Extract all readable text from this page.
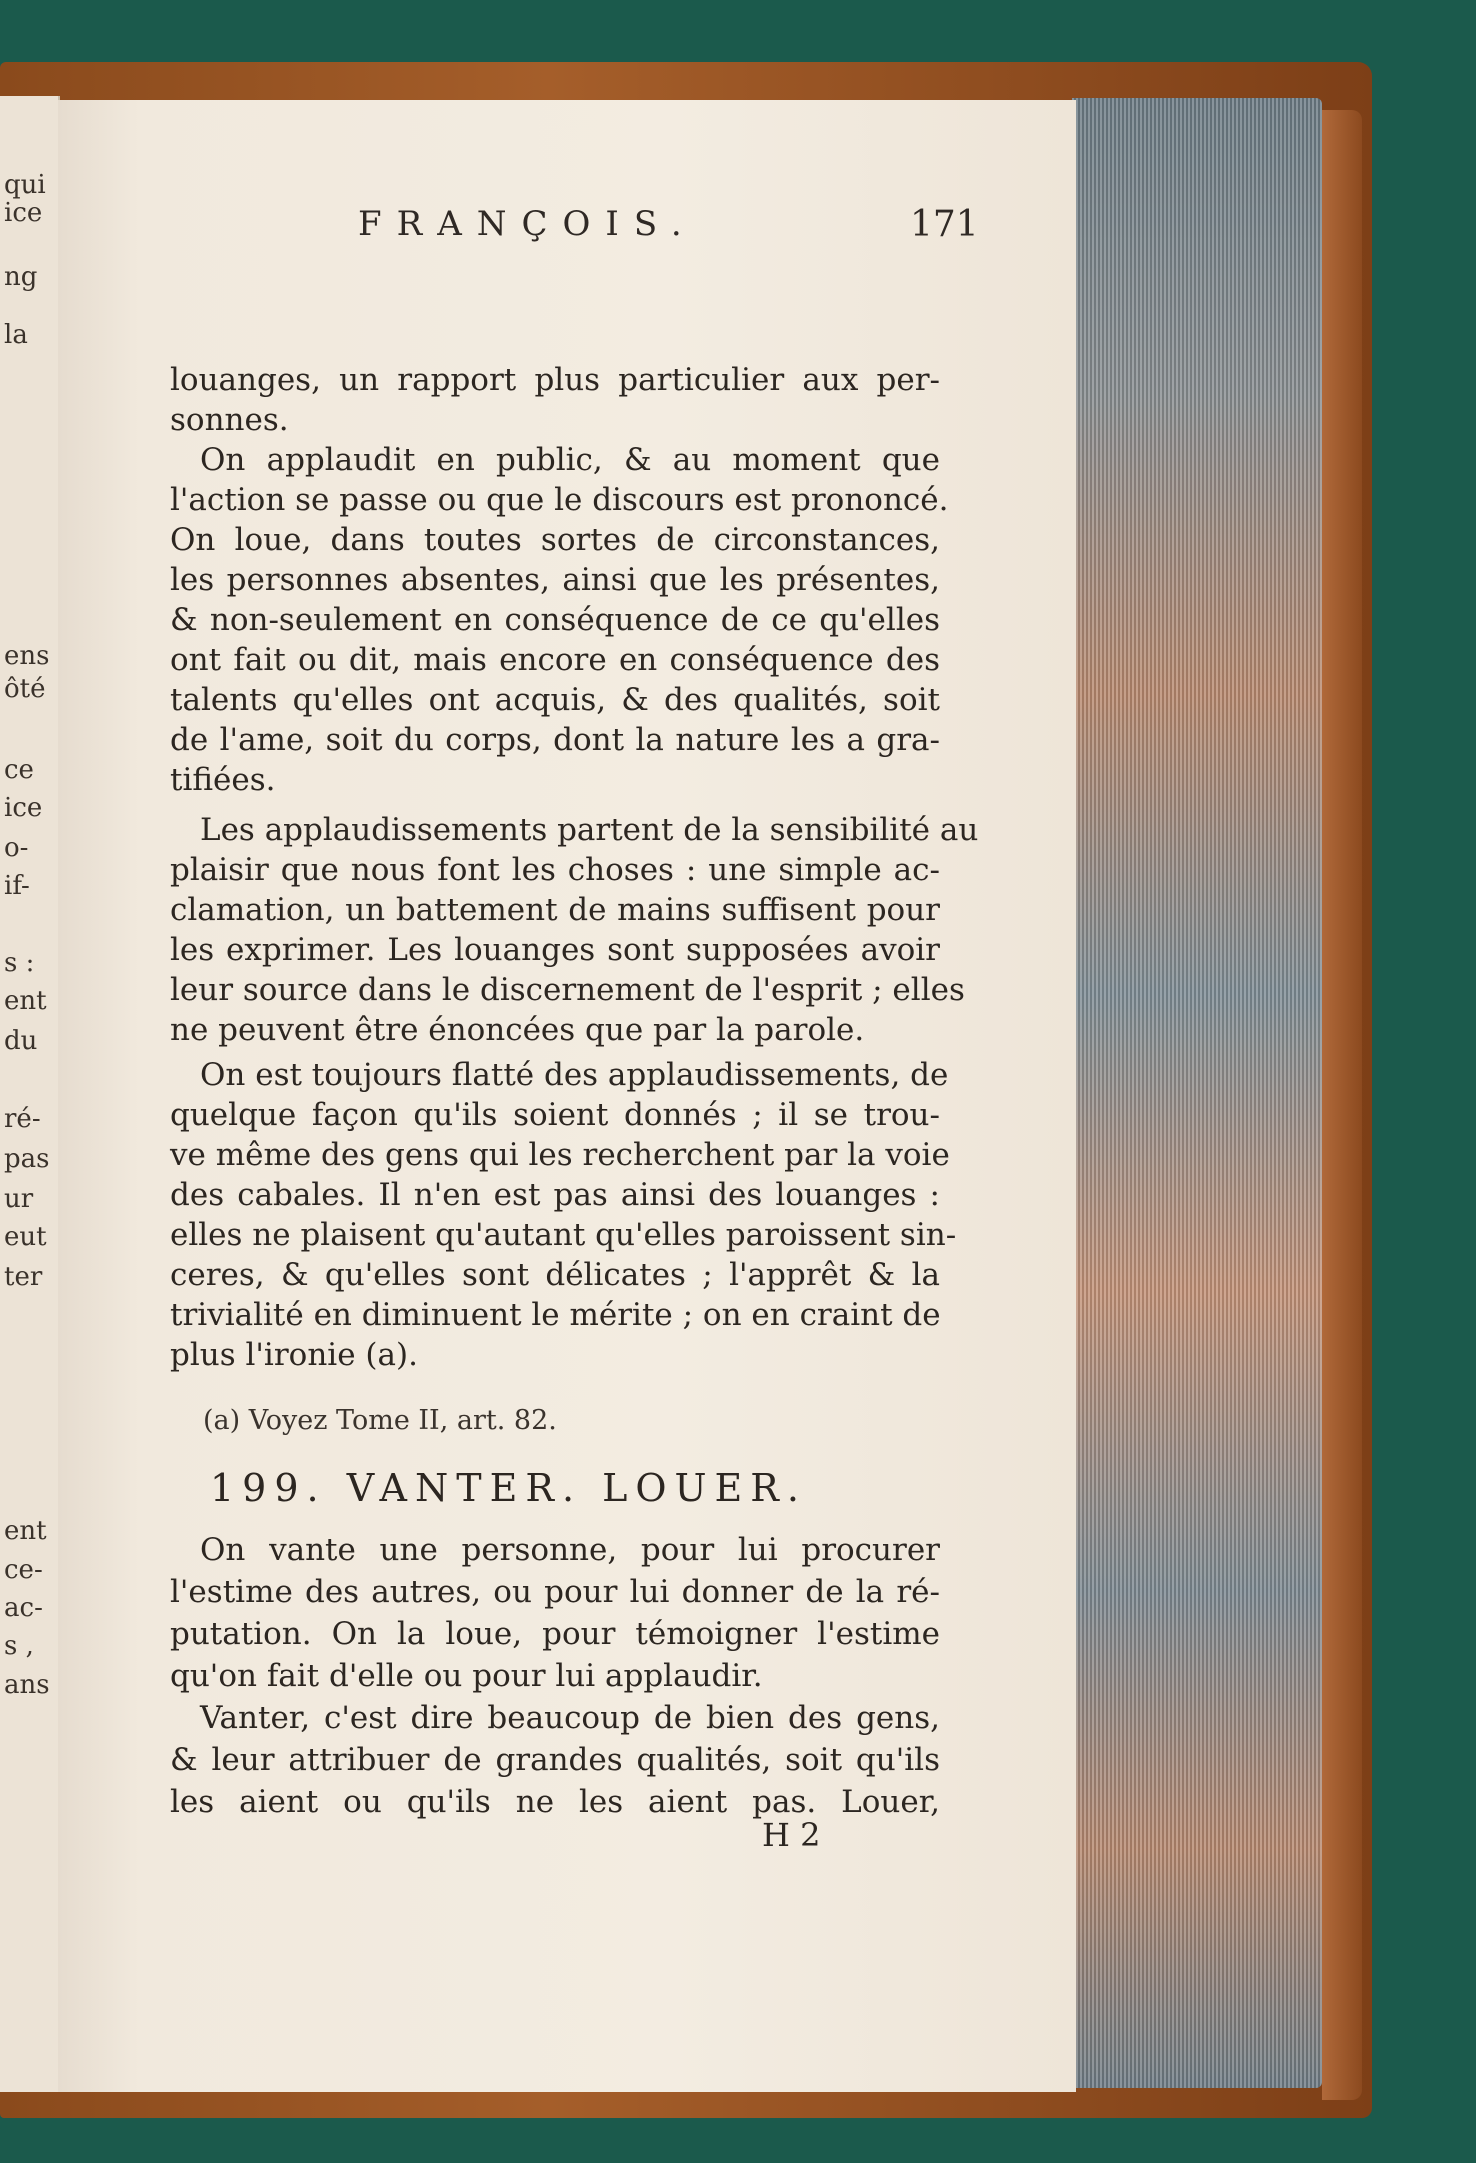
qui
ice
ng
la
ens
ôté
ce
ice
o-
if-
s :
ent
du
ré-
pas
ur
eut
ter
ent
ce-
ac-
s ,
ans
FRANÇOIS.	171
louanges, un rapport plus particulier aux per-
sonnes.
On applaudit en public, & au moment que
l'action se passe ou que le discours est prononcé.
On loue, dans toutes sortes de circonstances,
les personnes absentes, ainsi que les présentes,
& non-seulement en conséquence de ce qu'elles
ont fait ou dit, mais encore en conséquence des
talents qu'elles ont acquis, & des qualités, soit
de l'ame, soit du corps, dont la nature les a gra-
tifiées.
Les applaudissements partent de la sensibilité au
plaisir que nous font les choses : une simple ac-
clamation, un battement de mains suffisent pour
les exprimer. Les louanges sont supposées avoir
leur source dans le discernement de l'esprit ; elles
ne peuvent être énoncées que par la parole.
On est toujours flatté des applaudissements, de
quelque façon qu'ils soient donnés ; il se trou-
ve même des gens qui les recherchent par la voie
des cabales. Il n'en est pas ainsi des louanges :
elles ne plaisent qu'autant qu'elles paroissent sin-
ceres, & qu'elles sont délicates ; l'apprêt & la
trivialité en diminuent le mérite ; on en craint de
plus l'ironie (a).
(a) Voyez Tome II, art. 82.
199. VANTER. LOUER.
On vante une personne, pour lui procurer
l'estime des autres, ou pour lui donner de la ré-
putation. On la loue, pour témoigner l'estime
qu'on fait d'elle ou pour lui applaudir.
Vanter, c'est dire beaucoup de bien des gens,
& leur attribuer de grandes qualités, soit qu'ils
les aient ou qu'ils ne les aient pas. Louer,
H 2
